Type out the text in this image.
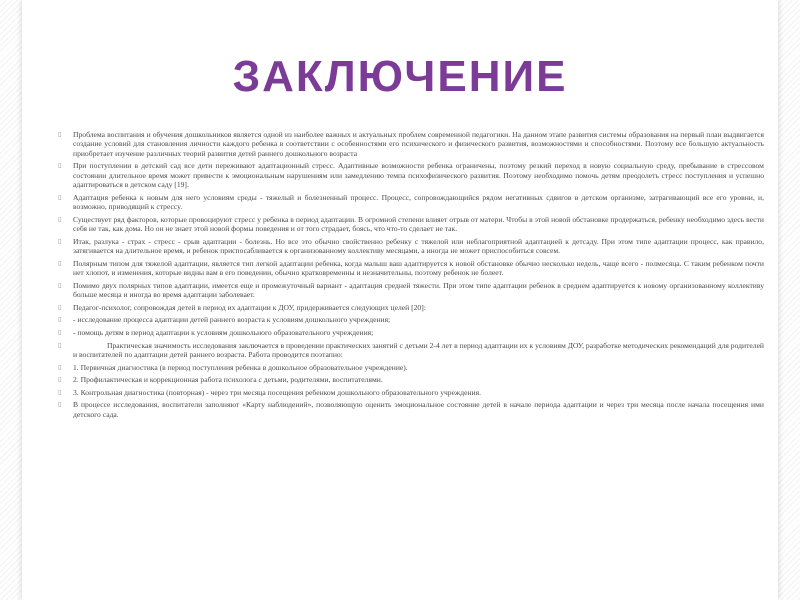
ЗАКЛЮЧЕНИЕ
▯ Проблема воспитания и обучения дошкольников является одной из наиболее важных и актуальных проблем современной педагогики. На данном этапе развития системы образования на первый план выдвигается создание условий для становления личности каждого ребенка в соответствии с особенностями его психического и физического развития, возможностями и способностями. Поэтому все большую актуальность приобретает изучение различных теорий развития детей раннего дошкольного возраста
▯ При поступлении в детский сад все дети переживают адаптационный стресс. Адаптивные возможности ребенка ограничены, поэтому резкий переход в новую социальную среду, пребывание в стрессовом состоянии длительное время может привести к эмоциональным нарушениям или замедлению темпа психофизического развития. Поэтому необходимо помочь детям преодолеть стресс поступления и успешно адаптироваться в детском саду [19].
▯ Адаптация ребенка к новым для него условиям среды - тяжелый и болезненный процесс. Процесс, сопровождающийся рядом негативных сдвигов в детском организме, затрагивающий все его уровни, и, возможно, приводящий к стрессу.
▯ Существует ряд факторов, которые провоцируют стресс у ребенка в период адаптации. В огромной степени влияет отрыв от матери. Чтобы в этой новой обстановке продержаться, ребенку необходимо здесь вести себя не так, как дома. Но он не знает этой новой формы поведения и от того страдает, боясь, что что-то сделает не так.
▯ Итак, разлука - страх - стресс - срыв адаптации - болезнь. Но все это обычно свойственно ребенку с тяжелой или неблагоприятной адаптацией к детсаду. При этом типе адаптации процесс, как правило, затягивается на длительное время, и ребенок приспосабливается к организованному коллективу месяцами, а иногда не может приспособиться совсем.
▯ Полярным типом для тяжелой адаптации, является тип легкой адаптации ребенка, когда малыш ваш адаптируется к новой обстановке обычно несколько недель, чаще всего - полмесяца. С таким ребенком почти нет хлопот, и изменения, которые видны вам в его поведении, обычно кратковременны и незначительны, поэтому ребенок не болеет.
▯ Помимо двух полярных типов адаптации, имеется еще и промежуточный вариант - адаптация средней тяжести. При этом типе адаптации ребенок в среднем адаптируется к новому организованному коллективу больше месяца и иногда во время адаптации заболевает.
▯ Педагог-психолог, сопровождая детей в период их адаптации к ДОУ, придерживается следующих целей [20]:
▯ - исследование процесса адаптации детей раннего возраста к условиям дошкольного учреждения;
▯ - помощь детям в период адаптации к условиям дошкольного образовательного учреждения;
▯	Практическая значимость исследования заключается в проведении практических занятий с детьми 2-4 лет в период адаптации их к условиям ДОУ, разработке методических рекомендаций для родителей и воспитателей по адаптации детей раннего возраста. Работа проводится поэтапно:
▯ 1. Первичная диагностика (в период поступления ребенка в дошкольное образовательное учреждение).
▯ 2. Профилактическая и коррекционная работа психолога с детьми, родителями, воспитателями.
▯ 3. Контрольная диагностика (повторная) - через три месяца посещения ребенком дошкольного образовательного учреждения.
▯ В процессе исследования, воспитатели заполняют «Карту наблюдений», позволяющую оценить эмоциональное состояние детей в начале периода адаптации и через три месяца после начала посещения ими детского сада.
